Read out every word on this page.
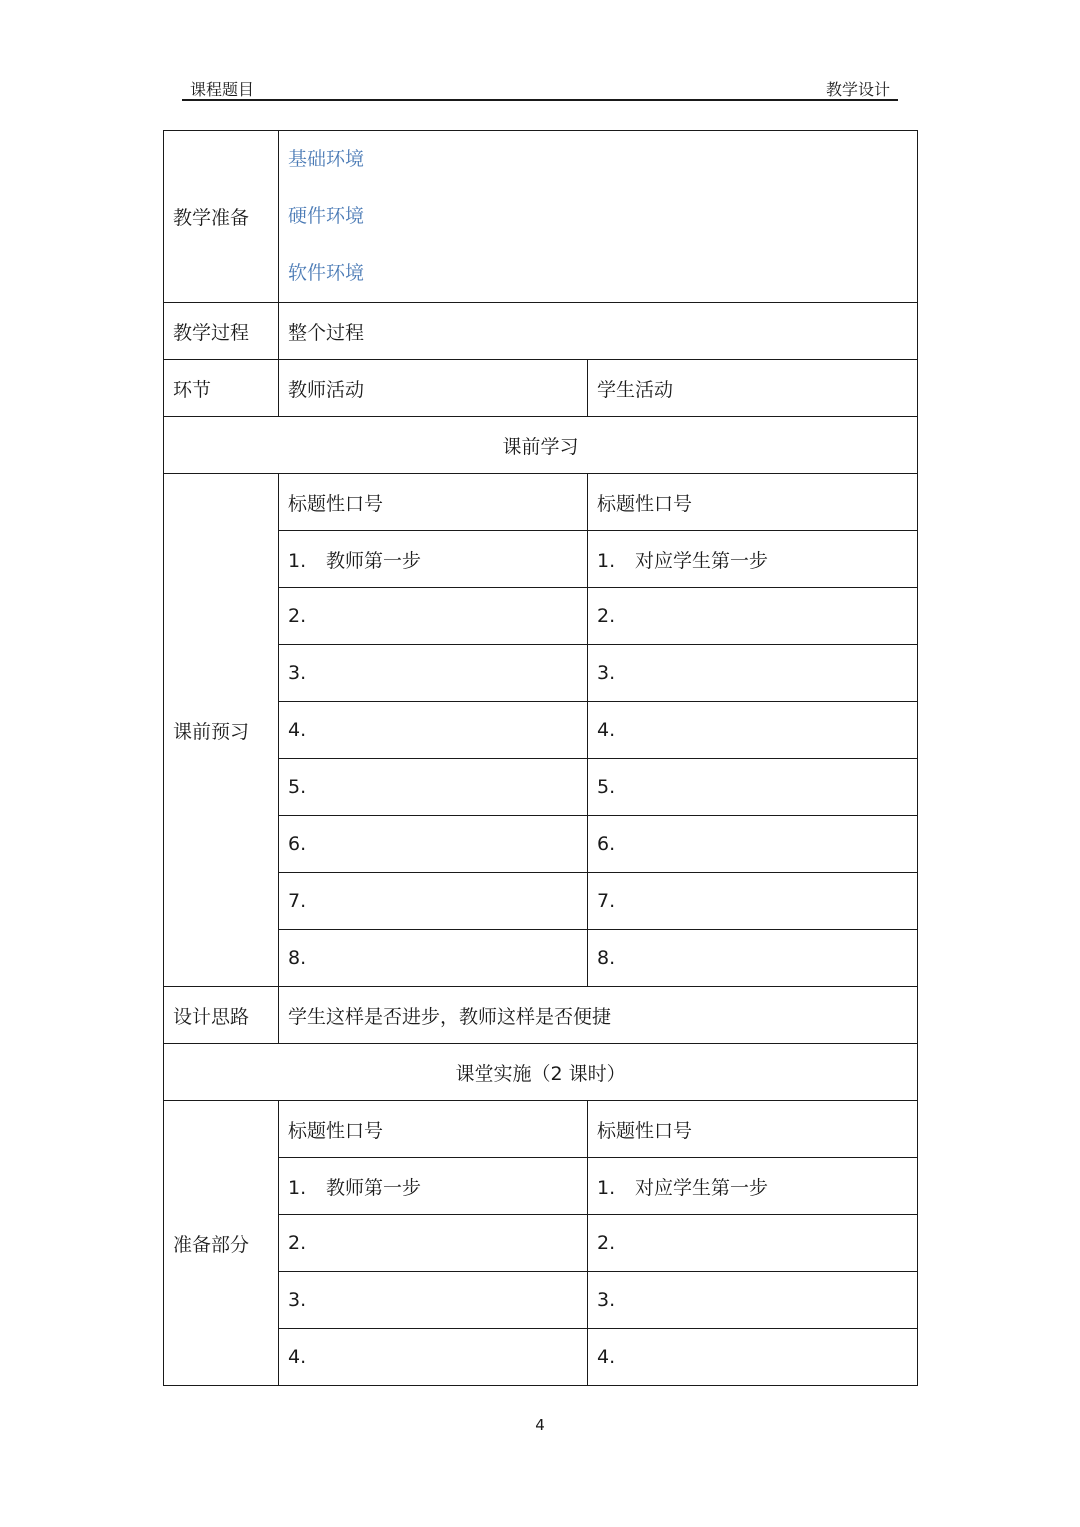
课程题目	教学设计
教学准备	基础环境
硬件环境
软件环境	

教学过程	整个过程	
环节	教师活动	学生活动
课前学习		
课前预习	标题性口号	标题性口号
	1. 教师第一步	1. 对应学生第一步
	2.	2.
	3.	3.
	4.	4.
	5.	5.
	6.	6.
	7.	7.
	8.	8.
设计思路	学生这样是否进步，教师这样是否便捷	
课堂实施（2 课时）		
准备部分	标题性口号	标题性口号
	1. 教师第一步	1. 对应学生第一步
	2.	2.
	3.	3.
	4.	4.
4
